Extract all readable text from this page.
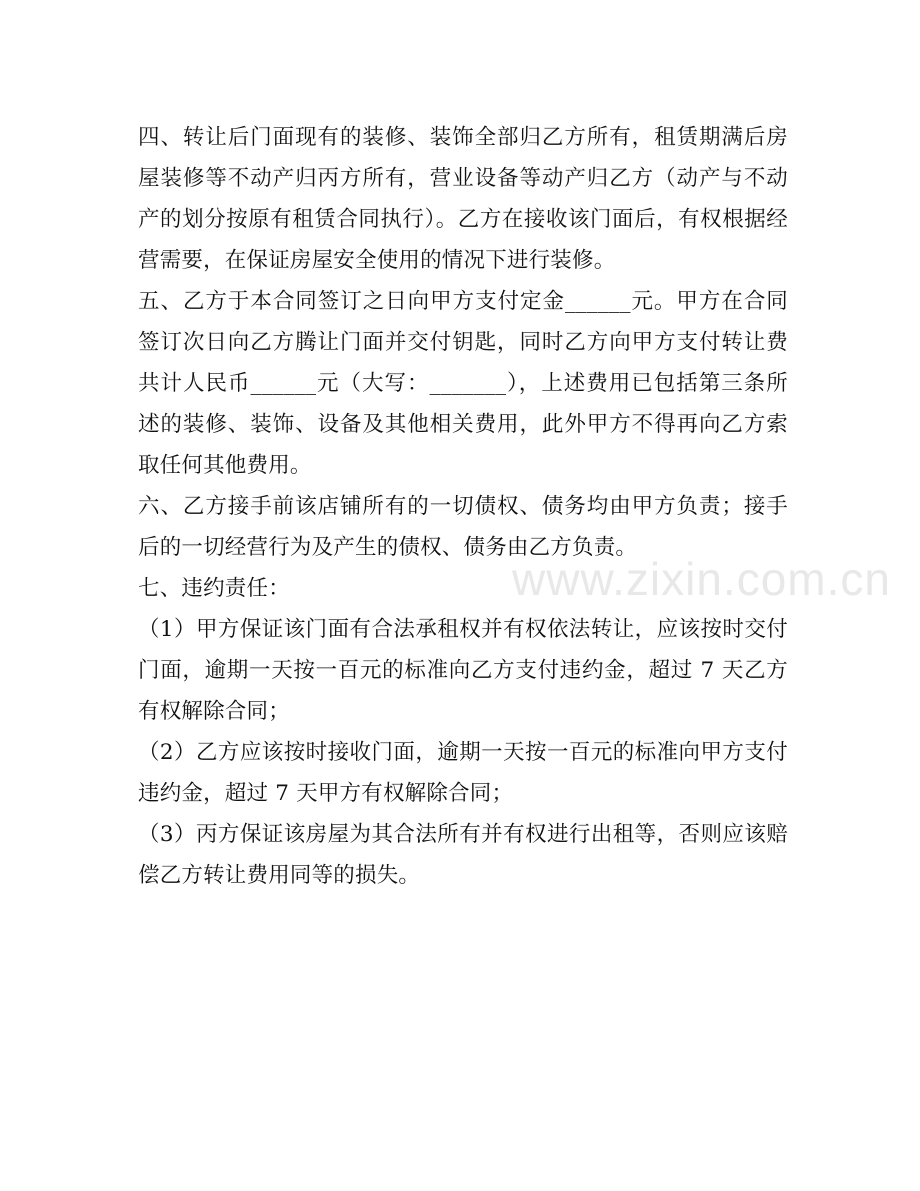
www.zixin.com.cn

四、转让后门面现有的装修、装饰全部归乙方所有，租赁期满后房屋装修等不动产归丙方所有，营业设备等动产归乙方（动产与不动产的划分按原有租赁合同执行）。乙方在接收该门面后，有权根据经营需要，在保证房屋安全使用的情况下进行装修。

五、乙方于本合同签订之日向甲方支付定金______元。甲方在合同签订次日向乙方腾让门面并交付钥匙，同时乙方向甲方支付转让费共计人民币______元（大写：_______），上述费用已包括第三条所述的装修、装饰、设备及其他相关费用，此外甲方不得再向乙方索取任何其他费用。

六、乙方接手前该店铺所有的一切债权、债务均由甲方负责；接手后的一切经营行为及产生的债权、债务由乙方负责。

七、违约责任：

（1）甲方保证该门面有合法承租权并有权依法转让，应该按时交付门面，逾期一天按一百元的标准向乙方支付违约金，超过 7 天乙方有权解除合同；

（2）乙方应该按时接收门面，逾期一天按一百元的标准向甲方支付违约金，超过 7 天甲方有权解除合同；

（3）丙方保证该房屋为其合法所有并有权进行出租等，否则应该赔偿乙方转让费用同等的损失。
